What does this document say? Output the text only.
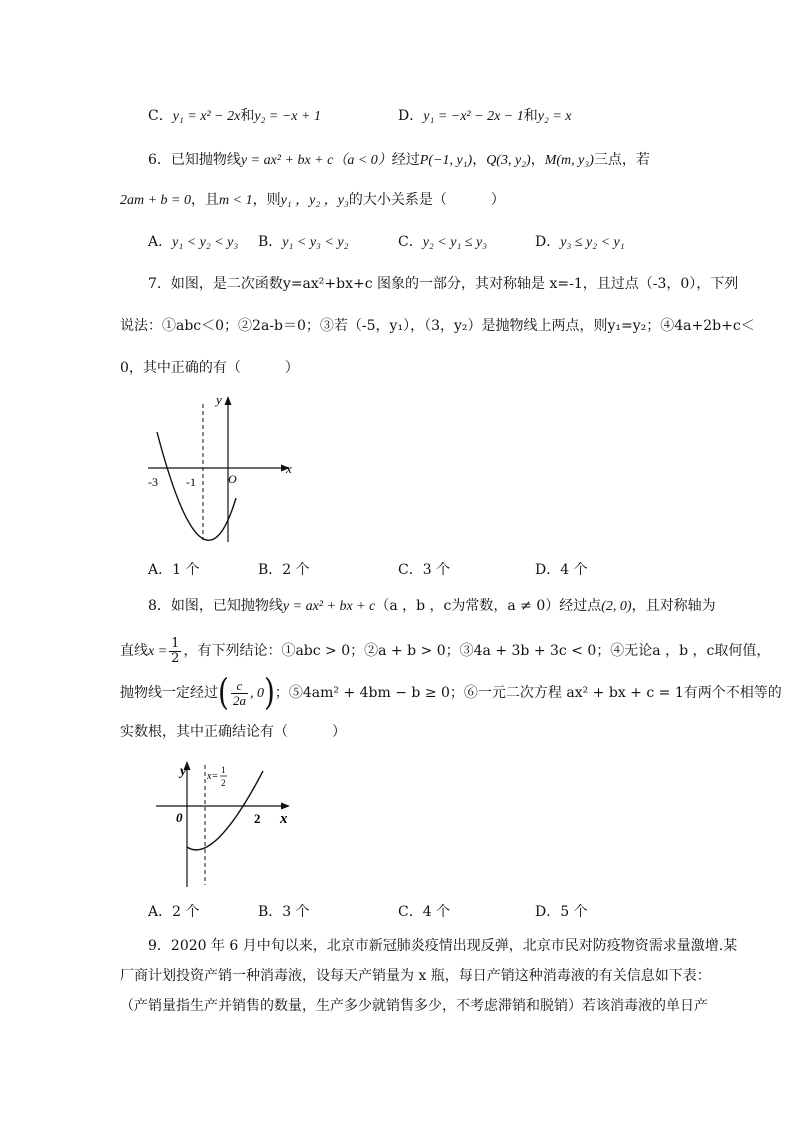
C．y₁ = x² − 2x和y₂ = −x + 1	D．y₁ = −x² − 2x − 1和y₂ = x
6．已知抛物线y = ax² + bx + c（a < 0）经过P(−1, y₁)，Q(3, y₂)，M(m, y₃)三点，若
2am + b = 0，且m < 1，则y₁ ，y₂ ，y₃的大小关系是（	）
A．y₁ < y₂ < y₃ B．y₁ < y₃ < y₂	C．y₂ < y₁ ≤ y₃	D．y₃ ≤ y₂ < y₁
7．如图，是二次函数y=ax²+bx+c 图象的一部分，其对称轴是 x=-1，且过点（-3，0），下列
说法：①abc＜0；②2a-b＝0；③若（-5，y₁），（3，y₂）是抛物线上两点，则y₁=y₂；④4a+2b+c＜
0，其中正确的有（	）
x
y
O
-3 -1
A．1 个	B．2 个	C．3 个	D．4 个
8．如图，已知抛物线y = ax² + bx + c（a ，b ，c为常数，a ≠ 0）经过点(2, 0)，且对称轴为
直线$x = \frac{1}{2}$ ，有下列结论：①abc > 0；②a + b > 0；③4a + 3b + 3c < 0；④无论a ，b ，c取何值，
抛物线一定经过( $\frac{c}{2a}$ , 0)；⑤4am² + 4bm − b ≥ 0；⑥一元二次方程 ax² + bx + c = 1有两个不相等的
实数根，其中正确结论有（	）
y
x
0	2
x=
1
2
A．2 个	B．3 个	C．4 个	D．5 个
9．2020 年 6 月中旬以来，北京市新冠肺炎疫情出现反弹，北京市民对防疫物资需求量激增.某
厂商计划投资产销一种消毒液，设每天产销量为 x 瓶，每日产销这种消毒液的有关信息如下表：
（产销量指生产并销售的数量，生产多少就销售多少，不考虑滞销和脱销）若该消毒液的单日产
